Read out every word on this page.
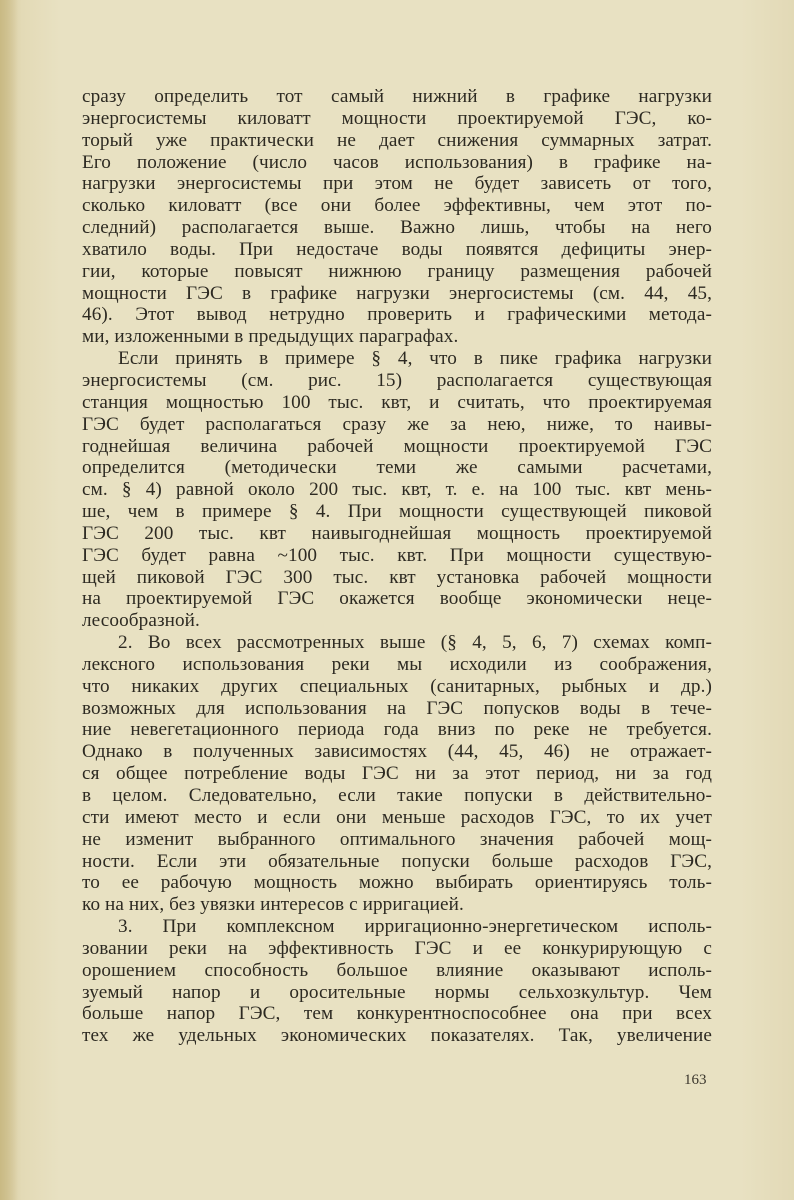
сразу определить тот самый нижний в графике нагрузки
энергосистемы киловатт мощности проектируемой ГЭС, ко-
торый уже практически не дает снижения суммарных затрат.
Его положение (число часов использования) в графике на-
нагрузки энергосистемы при этом не будет зависеть от того,
сколько киловатт (все они более эффективны, чем этот по-
следний) располагается выше. Важно лишь, чтобы на него
хватило воды. При недостаче воды появятся дефициты энер-
гии, которые повысят нижнюю границу размещения рабочей
мощности ГЭС в графике нагрузки энергосистемы (см. 44, 45,
46). Этот вывод нетрудно проверить и графическими метода-
ми, изложенными в предыдущих параграфах.
Если принять в примере § 4, что в пике графика нагрузки
энергосистемы (см. рис. 15) располагается существующая
станция мощностью 100 тыс. квт, и считать, что проектируемая
ГЭС будет располагаться сразу же за нею, ниже, то наивы-
годнейшая величина рабочей мощности проектируемой ГЭС
определится (методически теми же самыми расчетами,
см. § 4) равной около 200 тыс. квт, т. е. на 100 тыс. квт мень-
ше, чем в примере § 4. При мощности существующей пиковой
ГЭС 200 тыс. квт наивыгоднейшая мощность проектируемой
ГЭС будет равна ~100 тыс. квт. При мощности существую-
щей пиковой ГЭС 300 тыс. квт установка рабочей мощности
на проектируемой ГЭС окажется вообще экономически неце-
лесообразной.
2. Во всех рассмотренных выше (§ 4, 5, 6, 7) схемах комп-
лексного использования реки мы исходили из соображения,
что никаких других специальных (санитарных, рыбных и др.)
возможных для использования на ГЭС попусков воды в тече-
ние невегетационного периода года вниз по реке не требуется.
Однако в полученных зависимостях (44, 45, 46) не отражает-
ся общее потребление воды ГЭС ни за этот период, ни за год
в целом. Следовательно, если такие попуски в действительно-
сти имеют место и если они меньше расходов ГЭС, то их учет
не изменит выбранного оптимального значения рабочей мощ-
ности. Если эти обязательные попуски больше расходов ГЭС,
то ее рабочую мощность можно выбирать ориентируясь толь-
ко на них, без увязки интересов с ирригацией.
3. При комплексном ирригационно-энергетическом исполь-
зовании реки на эффективность ГЭС и ее конкурирующую с
орошением способность большое влияние оказывают исполь-
зуемый напор и оросительные нормы сельхозкультур. Чем
больше напор ГЭС, тем конкурентноспособнее она при всех
тех же удельных экономических показателях. Так, увеличение
163
